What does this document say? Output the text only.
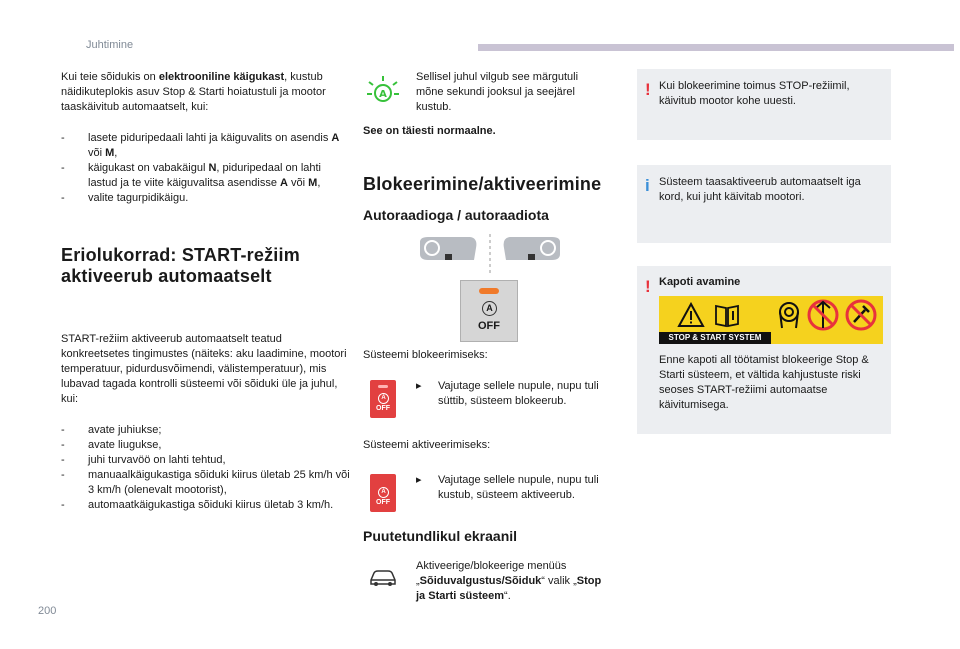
Juhtimine
200

Kui teie sõidukis on elektrooniline käigukast, kustub näidikuteplokis asuv Stop & Starti hoiatustuli ja mootor taaskäivitub automaatselt, kui:

- lasete piduripedaali lahti ja käiguvalits on asendis A või M,
- käigukast on vabakäigul N, piduripedaal on lahti lastud ja te viite käiguvalitsa asendisse A või M,
- valite tagurpidikäigu.
Eriolukorrad: START-režiim
aktiveerub automaatselt

START-režiim aktiveerub automaatselt teatud konkreetsetes tingimustes (näiteks: aku laadimine, mootori temperatuur, pidurdusvõimendi, välistemperatuur), mis lubavad tagada kontrolli süsteemi või sõiduki üle ja juhul, kui:

- avate juhiukse;
- avate liugukse,
- juhi turvavöö on lahti tehtud,
- manuaalkäigukastiga sõiduki kiirus ületab 25 km/h või 3 km/h (olenevalt mootorist),
- automaatkäigukastiga sõiduki kiirus ületab 3 km/h.
A

Sellisel juhul vilgub see märgutuli mõne sekundi jooksul ja seejärel kustub.

See on täiesti normaalne.

Blokeerimine/aktiveerimine
Autoraadioga / autoraadiota
A
OFF

Süsteemi blokeerimiseks:

A
OFF
▸	Vajutage sellele nupule, nupu tuli süttib, süsteem blokeerub.

Süsteemi aktiveerimiseks:

A
OFF
▸	Vajutage sellele nupule, nupu tuli kustub, süsteem aktiveerub.

Puutetundlikul ekraanil

Aktiveerige/blokeerige menüüs „Sõiduvalgustus/Sõiduk“ valik „Stop ja Starti süsteem“.

! Kui blokeerimine toimus STOP-režiimil, käivitub mootor kohe uuesti.

i Süsteem taasaktiveerub automaatselt iga kord, kui juht käivitab mootori.

! Kapoti avamine

STOP & START SYSTEM

Enne kapoti all töötamist blokeerige Stop & Starti süsteem, et vältida kahjustuste riski seoses START-režiimi automaatse käivitumisega.
